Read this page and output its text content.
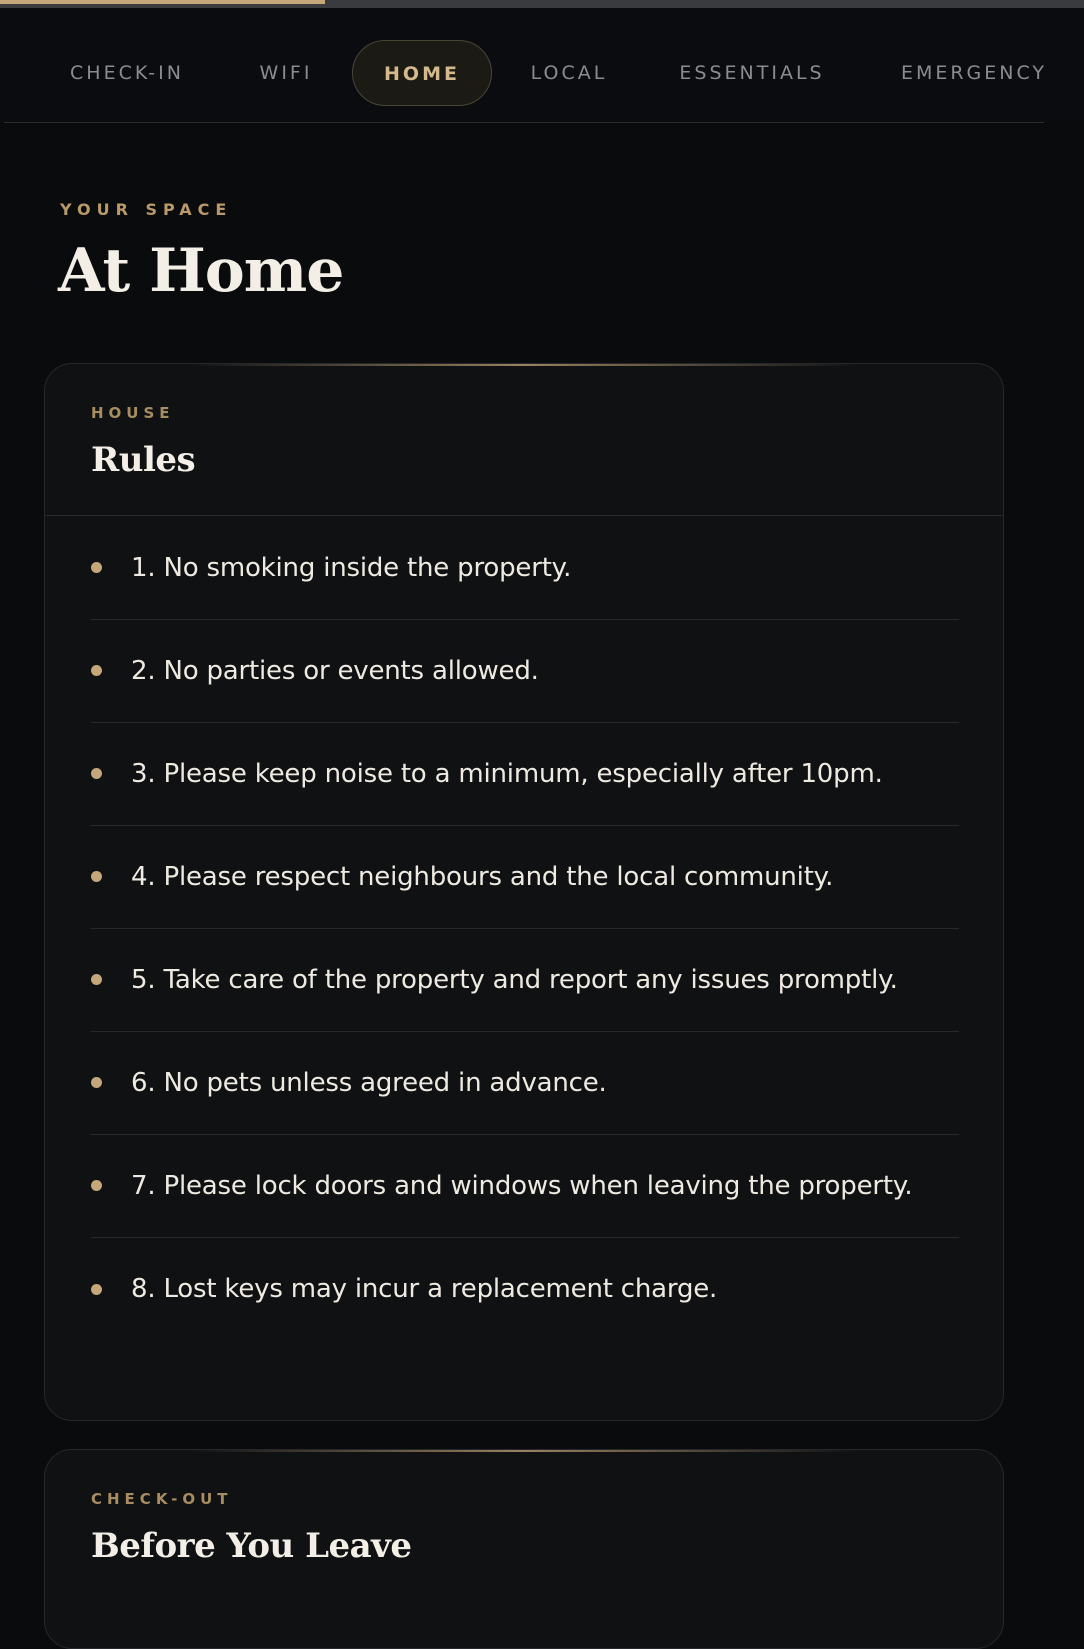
CHECK-IN	WIFI	HOME	LOCAL	ESSENTIALS	EMERGENCY
YOUR SPACE
At Home
HOUSE
Rules
1. No smoking inside the property.
2. No parties or events allowed.
3. Please keep noise to a minimum, especially after 10pm.
4. Please respect neighbours and the local community.
5. Take care of the property and report any issues promptly.
6. No pets unless agreed in advance.
7. Please lock doors and windows when leaving the property.
8. Lost keys may incur a replacement charge.
CHECK-OUT
Before You Leave
